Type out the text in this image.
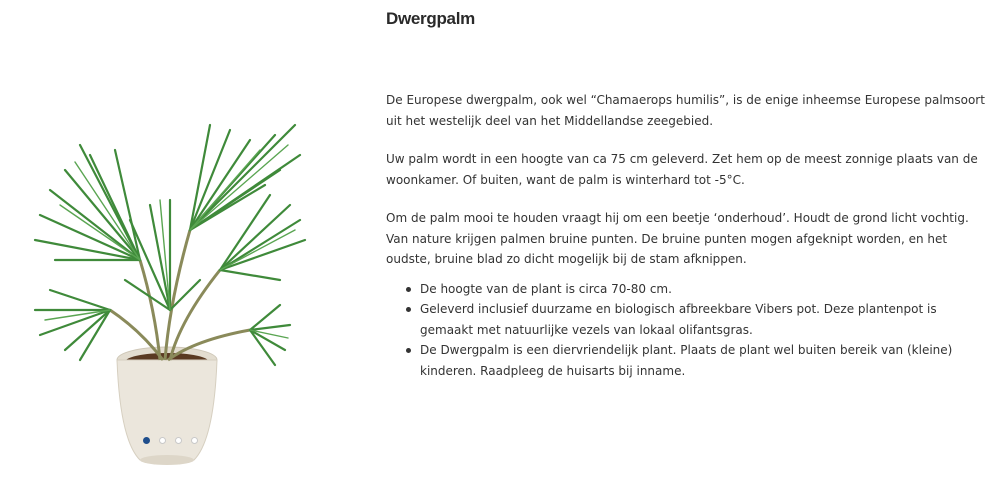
Dwergpalm

De Europese dwergpalm, ook wel “Chamaerops humilis”, is de enige inheemse Europese palmsoort uit het westelijk deel van het Middellandse zeegebied.

Uw palm wordt in een hoogte van ca 75 cm geleverd. Zet hem op de meest zonnige plaats van de woonkamer. Of buiten, want de palm is winterhard tot -5°C.

Om de palm mooi te houden vraagt hij om een beetje ‘onderhoud’. Houdt de grond licht vochtig. Van nature krijgen palmen bruine punten. De bruine punten mogen afgeknipt worden, en het oudste, bruine blad zo dicht mogelijk bij de stam afknippen.

De hoogte van de plant is circa 70-80 cm.
Geleverd inclusief duurzame en biologisch afbreekbare Vibers pot. Deze plantenpot is gemaakt met natuurlijke vezels van lokaal olifantsgras.
De Dwergpalm is een diervriendelijk plant. Plaats de plant wel buiten bereik van (kleine) kinderen. Raadpleeg de huisarts bij inname.
